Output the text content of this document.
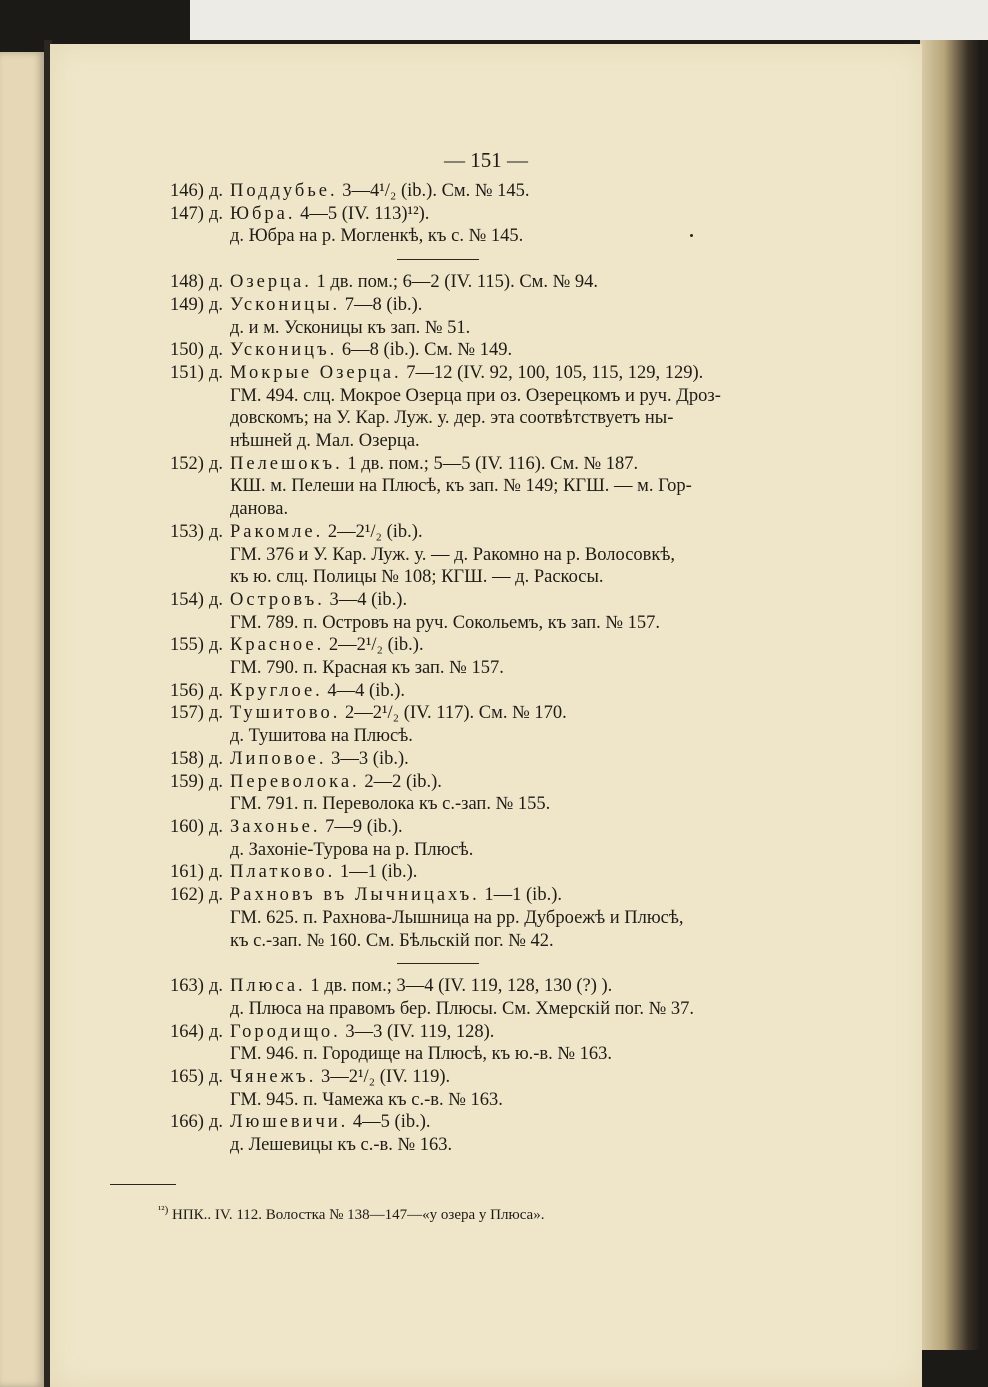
— 151 —
146) д. Поддубье. 3—4¹/₂ (ib.). См. № 145.
147) д. Юбра. 4—5 (IV. 113)¹²).
д. Юбра на р. Могленкѣ, къ с. № 145.
148) д. Озерца. 1 дв. пом.; 6—2 (IV. 115). См. № 94.
149) д. Усконицы. 7—8 (ib.).
д. и м. Усконицы къ зап. № 51.
150) д. Усконицъ. 6—8 (ib.). См. № 149.
151) д. Мокрые Озерца. 7—12 (IV. 92, 100, 105, 115, 129, 129).
ГМ. 494. слц. Мокрое Озерца при оз. Озерецкомъ и руч. Дроз-
довскомъ; на У. Кар. Луж. у. дер. эта соотвѣтствуетъ ны-
нѣшней д. Мал. Озерца.
152) д. Пелешокъ. 1 дв. пом.; 5—5 (IV. 116). См. № 187.
КШ. м. Пелеши на Плюсѣ, къ зап. № 149; КГШ. — м. Гор-
данова.
153) д. Ракомле. 2—2¹/₂ (ib.).
ГМ. 376 и У. Кар. Луж. у. — д. Ракомно на р. Волосовкѣ,
къ ю. слц. Полицы № 108; КГШ. — д. Раскосы.
154) д. Островъ. 3—4 (ib.).
ГМ. 789. п. Островъ на руч. Сокольемъ, къ зап. № 157.
155) д. Красное. 2—2¹/₂ (ib.).
ГМ. 790. п. Красная къ зап. № 157.
156) д. Круглое. 4—4 (ib.).
157) д. Тушитово. 2—2¹/₂ (IV. 117). См. № 170.
д. Тушитова на Плюсѣ.
158) д. Липовое. 3—3 (ib.).
159) д. Переволока. 2—2 (ib.).
ГМ. 791. п. Переволока къ с.-зап. № 155.
160) д. Захонье. 7—9 (ib.).
д. Захоніе-Турова на р. Плюсѣ.
161) д. Платково. 1—1 (ib.).
162) д. Рахновъ въ Лычницахъ. 1—1 (ib.).
ГМ. 625. п. Рахнова-Лышница на рр. Дуброежѣ и Плюсѣ,
къ с.-зап. № 160. См. Бѣльскій пог. № 42.
163) д. Плюса. 1 дв. пом.; 3—4 (IV. 119, 128, 130 (?) ).
д. Плюса на правомъ бер. Плюсы. См. Хмерскій пог. № 37.
164) д. Городищо. 3—3 (IV. 119, 128).
ГМ. 946. п. Городище на Плюсѣ, къ ю.-в. № 163.
165) д. Чянежъ. 3—2¹/₂ (IV. 119).
ГМ. 945. п. Чамежа къ с.-в. № 163.
166) д. Люшевичи. 4—5 (ib.).
д. Лешевицы къ с.-в. № 163.
$^{^{12})}$ НПК.. IV. 112. Волостка № 138—147—«у озера у Плюса».
